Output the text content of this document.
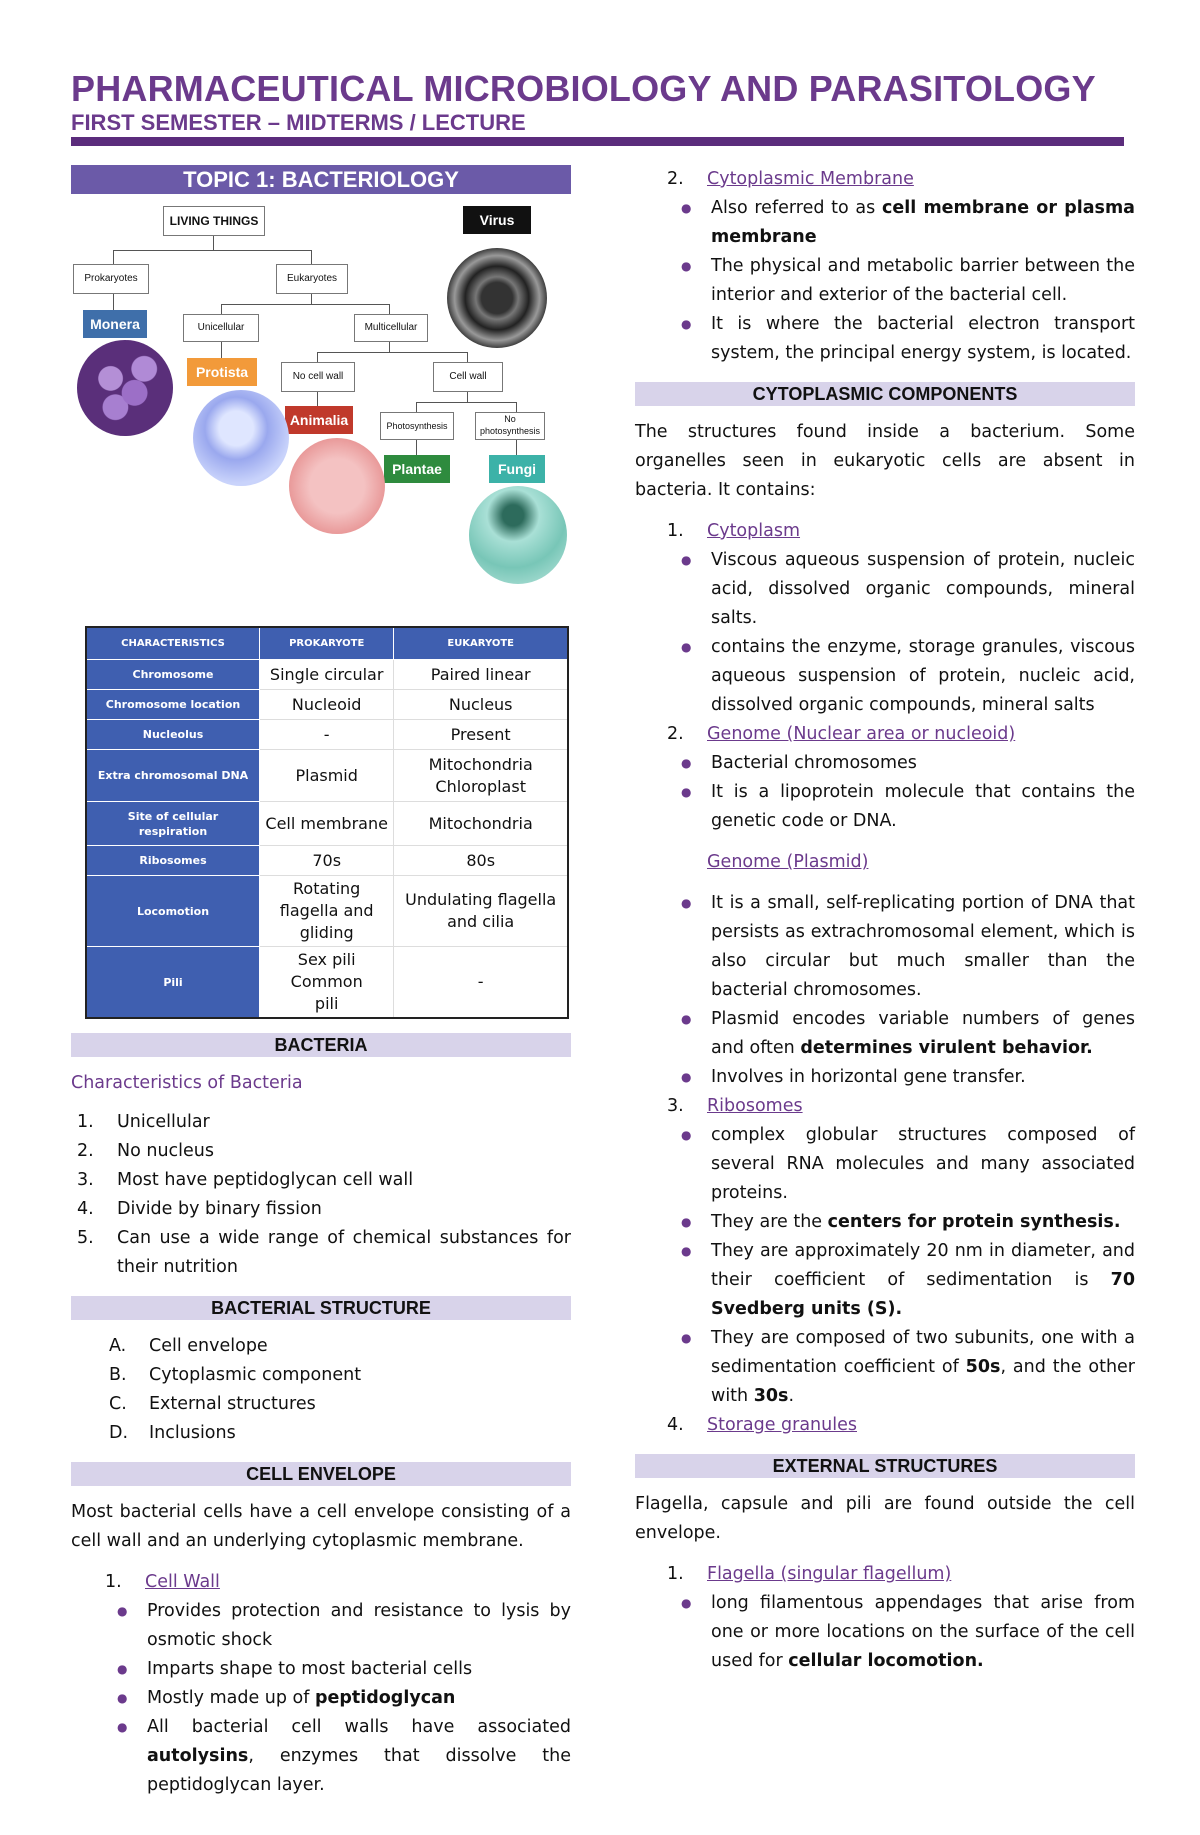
PHARMACEUTICAL MICROBIOLOGY AND PARASITOLOGY
FIRST SEMESTER – MIDTERMS / LECTURE
TOPIC 1: BACTERIOLOGY
LIVING THINGS
Prokaryotes	Eukaryotes
Monera	Unicellular	Multicellular
Protista	No cell wall	Cell wall
Animalia	Photosynthesis
No photosynthesis
Plantae	Fungi
Virus
CHARACTERISTICS	PROKARYOTE	EUKARYOTE
Chromosome	Single circular	Paired linear
Chromosome location	Nucleoid	Nucleus
Nucleolus	-	Present
Extra chromosomal DNA	Plasmid	Mitochondria Chloroplast
Site of cellular respiration	Cell membrane	Mitochondria
Ribosomes	70s	80s
Locomotion	Rotating flagella and gliding	Undulating flagella and cilia
Pili	Sex pili Common pili	-
BACTERIA
Characteristics of Bacteria
1.	Unicellular
2.	No nucleus
3.	Most have peptidoglycan cell wall
4.	Divide by binary fission
5.	Can use a wide range of chemical substances for their nutrition
BACTERIAL STRUCTURE
A.	Cell envelope
B.	Cytoplasmic component
C.	External structures
D.	Inclusions
CELL ENVELOPE
Most bacterial cells have a cell envelope consisting of a cell wall and an underlying cytoplasmic membrane.
1.	Cell Wall
●	Provides protection and resistance to lysis by osmotic shock
●	Imparts shape to most bacterial cells
●	Mostly made up of peptidoglycan
●	All bacterial cell walls have associated autolysins, enzymes that dissolve the peptidoglycan layer.
2.	Cytoplasmic Membrane
●	Also referred to as cell membrane or plasma membrane
●	The physical and metabolic barrier between the interior and exterior of the bacterial cell.
●	It is where the bacterial electron transport system, the principal energy system, is located.
CYTOPLASMIC COMPONENTS
The structures found inside a bacterium. Some organelles seen in eukaryotic cells are absent in bacteria. It contains:
1.	Cytoplasm
●	Viscous aqueous suspension of protein, nucleic acid, dissolved organic compounds, mineral salts.
●	contains the enzyme, storage granules, viscous aqueous suspension of protein, nucleic acid, dissolved organic compounds, mineral salts
2.	Genome (Nuclear area or nucleoid)
●	Bacterial chromosomes
●	It is a lipoprotein molecule that contains the genetic code or DNA.
Genome (Plasmid)
●	It is a small, self-replicating portion of DNA that persists as extrachromosomal element, which is also circular but much smaller than the bacterial chromosomes.
●	Plasmid encodes variable numbers of genes and often determines virulent behavior.
●	Involves in horizontal gene transfer.
3.	Ribosomes
●	complex globular structures composed of several RNA molecules and many associated proteins.
●	They are the centers for protein synthesis.
●	They are approximately 20 nm in diameter, and their coefficient of sedimentation is 70 Svedberg units (S).
●	They are composed of two subunits, one with a sedimentation coefficient of 50s, and the other with 30s.
4.	Storage granules
EXTERNAL STRUCTURES
Flagella, capsule and pili are found outside the cell envelope.
1.	Flagella (singular flagellum)
●	long filamentous appendages that arise from one or more locations on the surface of the cell used for cellular locomotion.
